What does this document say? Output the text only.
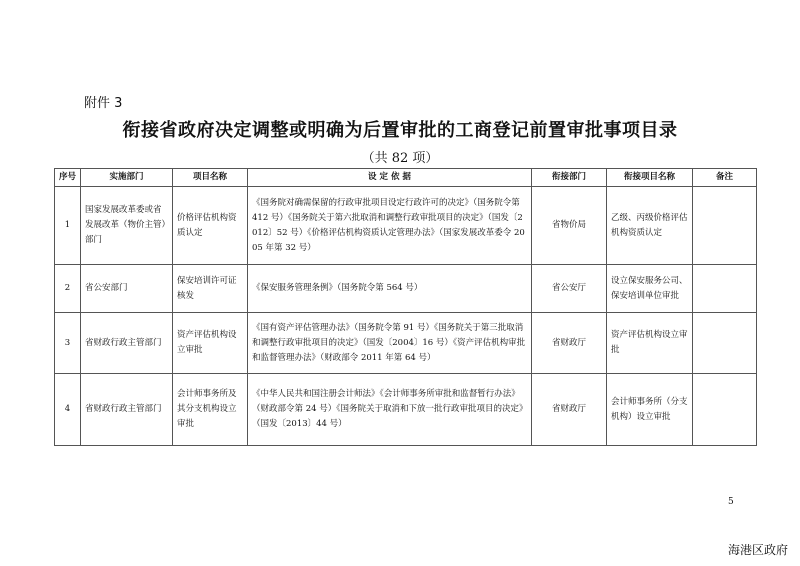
附件 3
衔接省政府决定调整或明确为后置审批的工商登记前置审批事项目录
（共 82 项）
序号	实施部门	项目名称	设 定 依 据	衔接部门	衔接项目名称	备注
1	国家发展改革委或省发展改革（物价主管）部门	价格评估机构资质认定	《国务院对确需保留的行政审批项目设定行政许可的决定》（国务院令第 412 号）《国务院关于第六批取消和调整行政审批项目的决定》（国发〔2012〕52 号）《价格评估机构资质认定管理办法》（国家发展改革委令 2005 年第 32 号）	省物价局	乙级、丙级价格评估机构资质认定	
2	省公安部门	保安培训许可证核发	《保安服务管理条例》（国务院令第 564 号）	省公安厅	设立保安服务公司、保安培训单位审批	
3	省财政行政主管部门	资产评估机构设立审批	《国有资产评估管理办法》（国务院令第 91 号）《国务院关于第三批取消和调整行政审批项目的决定》（国发〔2004〕16 号）《资产评估机构审批和监督管理办法》（财政部令 2011 年第 64 号）	省财政厅	资产评估机构设立审批	
4	省财政行政主管部门	会计师事务所及其分支机构设立审批	《中华人民共和国注册会计师法》《会计师事务所审批和监督暂行办法》（财政部令第 24 号）《国务院关于取消和下放一批行政审批项目的决定》（国发〔2013〕44 号）	省财政厅	会计师事务所（分支机构）设立审批	
5
海港区政府
